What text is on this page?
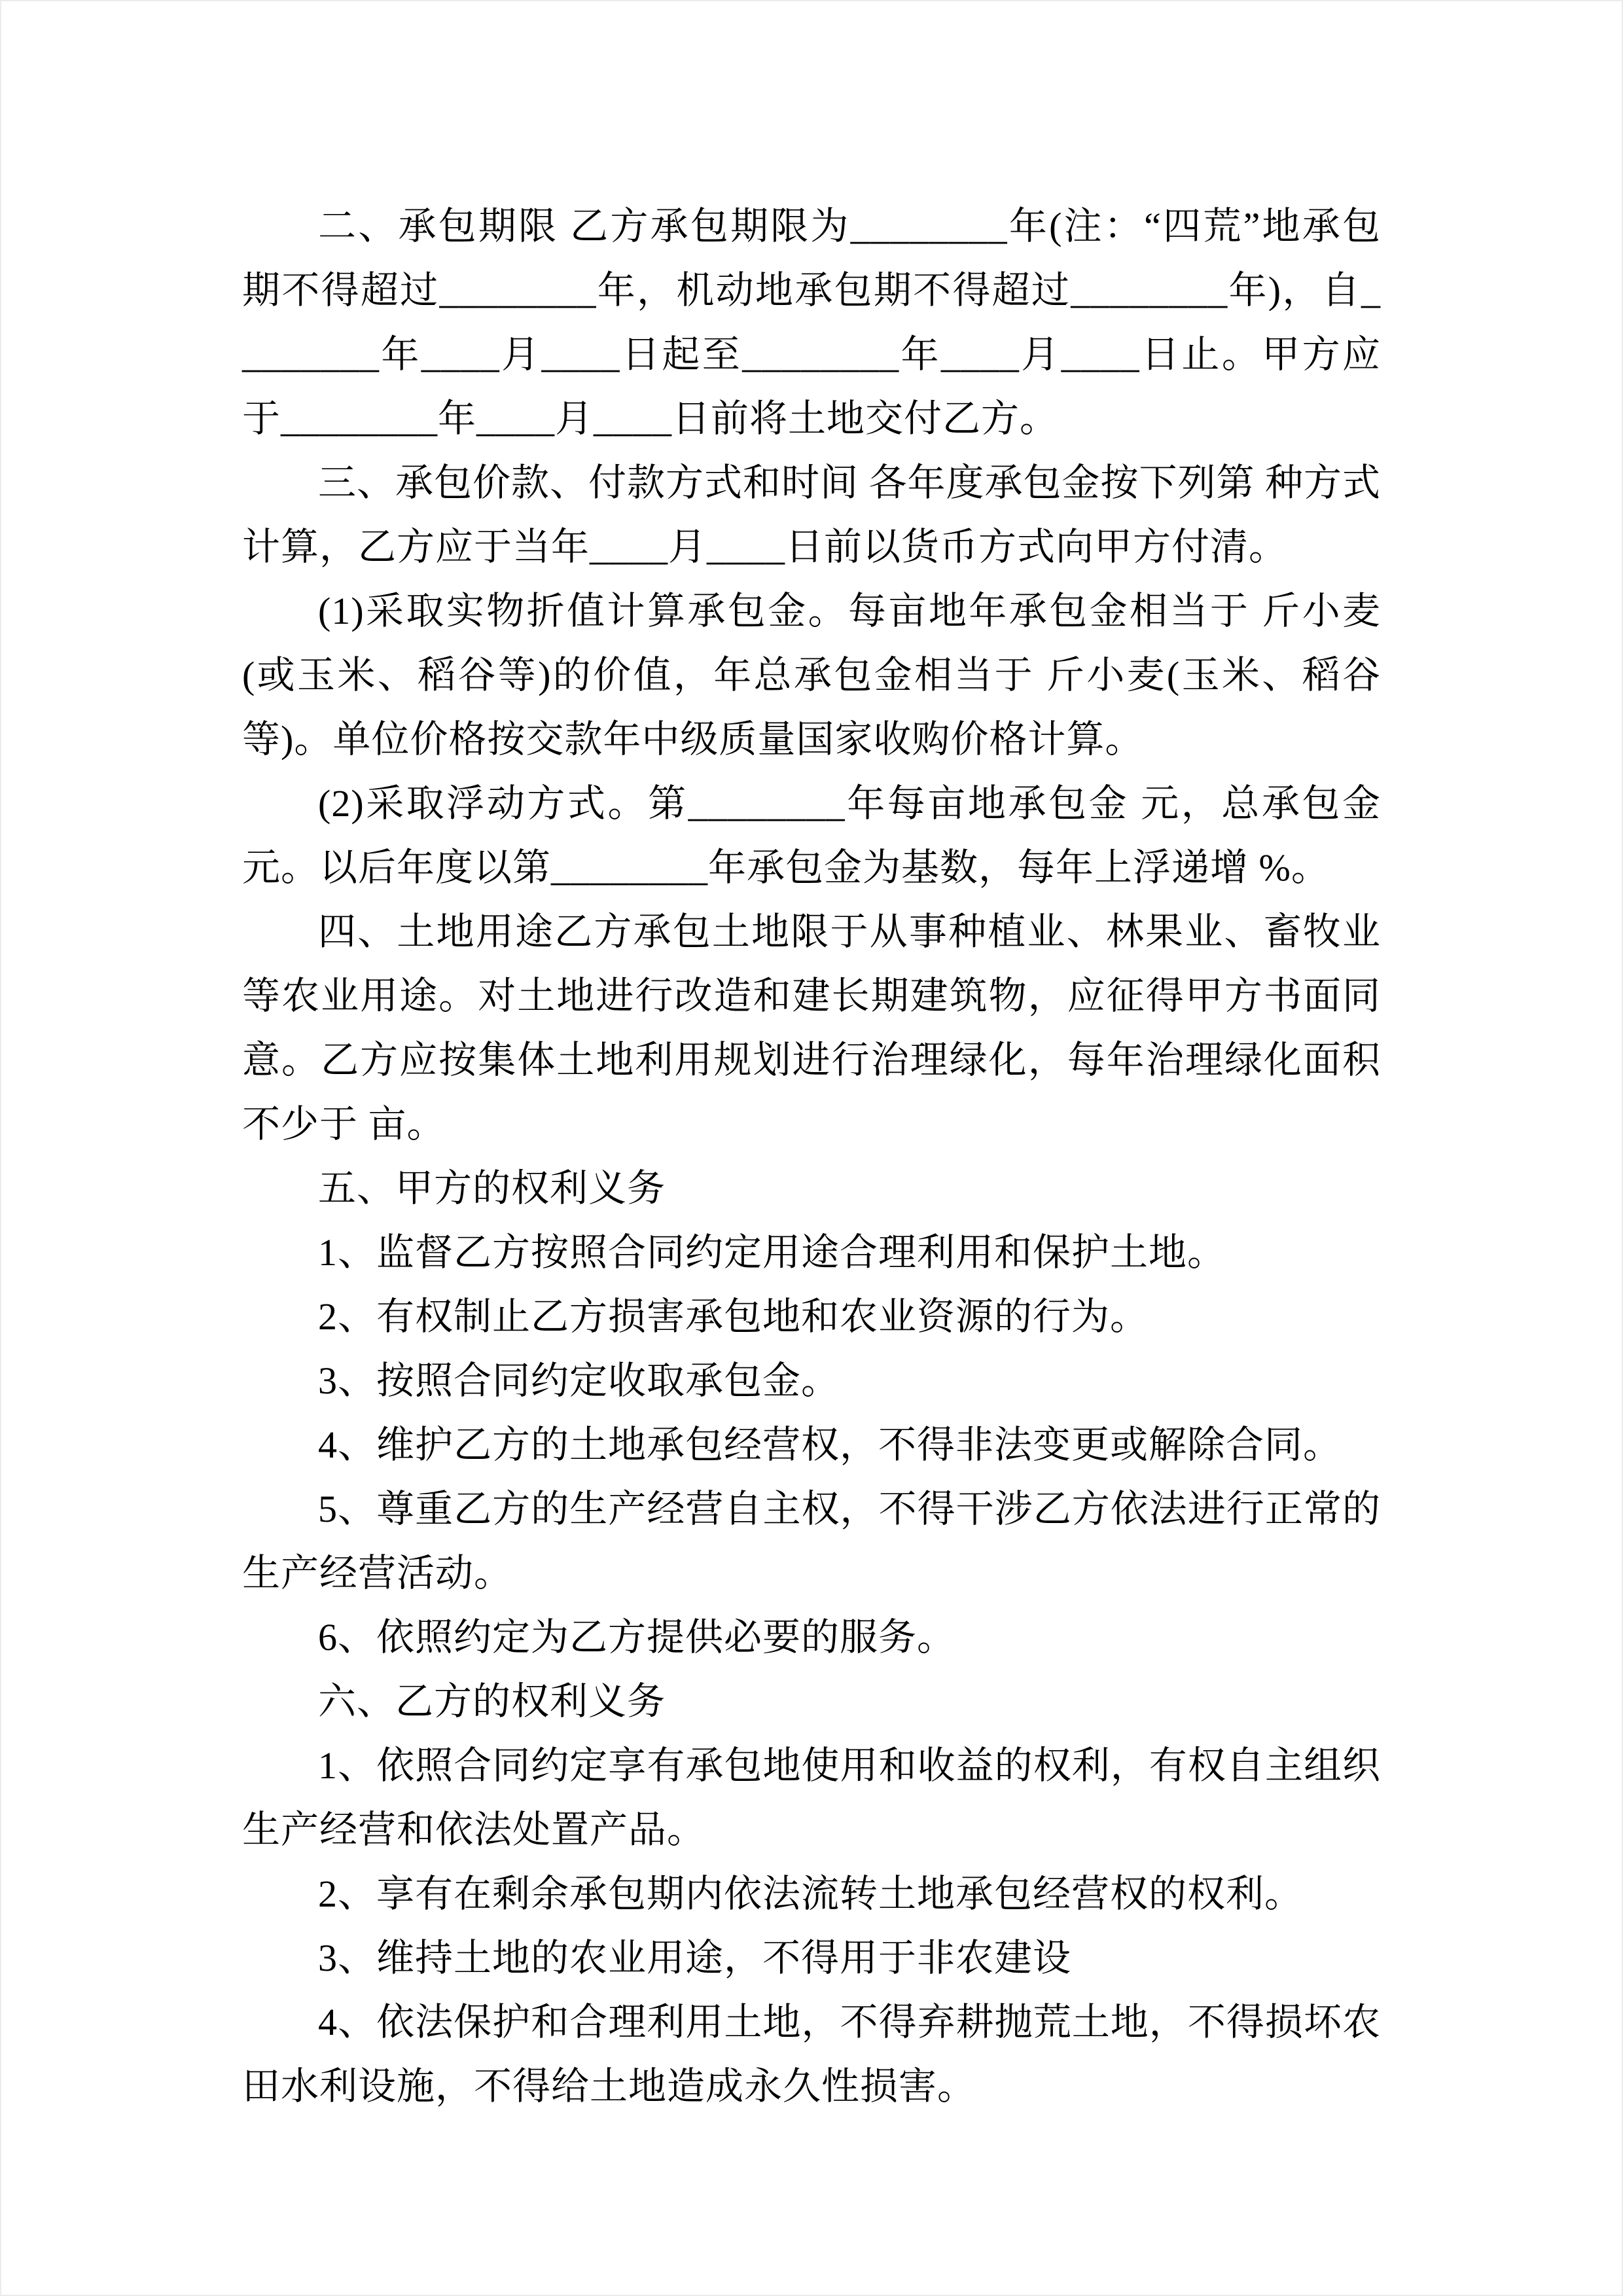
二、承包期限 乙方承包期限为________年(注：“四荒”地承包期不得超过________年，机动地承包期不得超过________年)，自________年____月____日起至________年____月____日止。甲方应于________年____月____日前将土地交付乙方。

三、承包价款、付款方式和时间 各年度承包金按下列第 种方式计算，乙方应于当年____月____日前以货币方式向甲方付清。

(1)采取实物折值计算承包金。每亩地年承包金相当于 斤小麦(或玉米、稻谷等)的价值，年总承包金相当于 斤小麦(玉米、稻谷等)。单位价格按交款年中级质量国家收购价格计算。

(2)采取浮动方式。第________年每亩地承包金 元，总承包金元。以后年度以第________年承包金为基数，每年上浮递增 %。

四、土地用途乙方承包土地限于从事种植业、林果业、畜牧业等农业用途。对土地进行改造和建长期建筑物，应征得甲方书面同意。乙方应按集体土地利用规划进行治理绿化，每年治理绿化面积不少于 亩。

五、甲方的权利义务

1、监督乙方按照合同约定用途合理利用和保护土地。

2、有权制止乙方损害承包地和农业资源的行为。

3、按照合同约定收取承包金。

4、维护乙方的土地承包经营权，不得非法变更或解除合同。

5、尊重乙方的生产经营自主权，不得干涉乙方依法进行正常的生产经营活动。

6、依照约定为乙方提供必要的服务。

六、乙方的权利义务

1、依照合同约定享有承包地使用和收益的权利，有权自主组织生产经营和依法处置产品。

2、享有在剩余承包期内依法流转土地承包经营权的权利。

3、维持土地的农业用途，不得用于非农建设

4、依法保护和合理利用土地，不得弃耕抛荒土地，不得损坏农田水利设施，不得给土地造成永久性损害。
